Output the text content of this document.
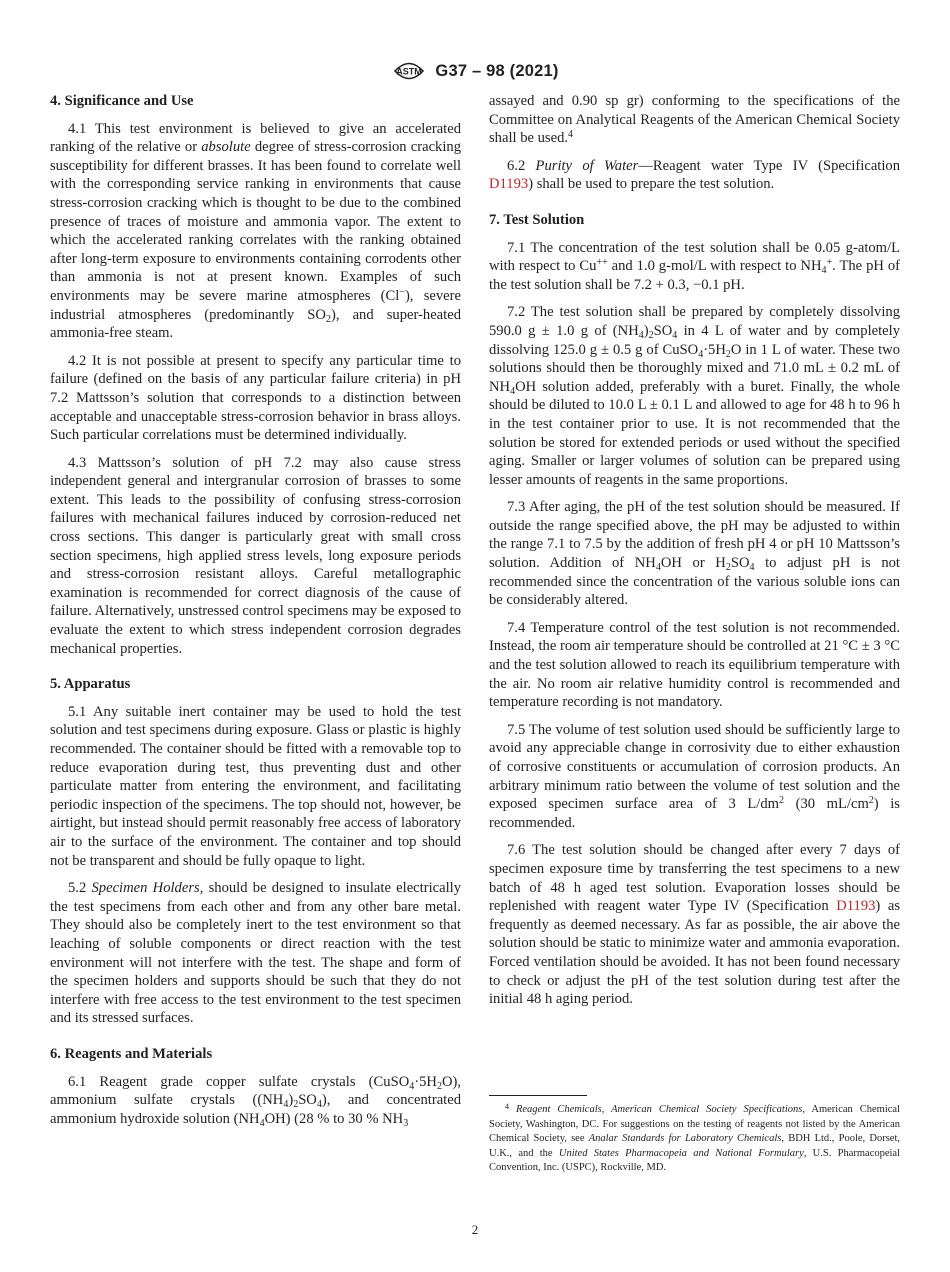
ASTM G37 – 98 (2021)
4. Significance and Use

4.1 This test environment is believed to give an accelerated ranking of the relative or absolute degree of stress-corrosion cracking susceptibility for different brasses. It has been found to correlate well with the corresponding service ranking in environments that cause stress-corrosion cracking which is thought to be due to the combined presence of traces of moisture and ammonia vapor. The extent to which the accelerated ranking correlates with the ranking obtained after long-term exposure to environments containing corrodents other than ammonia is not at present known. Examples of such environments may be severe marine atmospheres (Cl−), severe industrial atmospheres (predominantly $SO_2$), and super-heated ammonia-free steam.

4.2 It is not possible at present to specify any particular time to failure (defined on the basis of any particular failure criteria) in pH 7.2 Mattsson’s solution that corresponds to a distinction between acceptable and unacceptable stress-corrosion behavior in brass alloys. Such particular correlations must be determined individually.

4.3 Mattsson’s solution of pH 7.2 may also cause stress independent general and intergranular corrosion of brasses to some extent. This leads to the possibility of confusing stress-corrosion failures with mechanical failures induced by corrosion-reduced net cross sections. This danger is particularly great with small cross section specimens, high applied stress levels, long exposure periods and stress-corrosion resistant alloys. Careful metallographic examination is recommended for correct diagnosis of the cause of failure. Alternatively, unstressed control specimens may be exposed to evaluate the extent to which stress independent corrosion degrades mechanical properties.

5. Apparatus

5.1 Any suitable inert container may be used to hold the test solution and test specimens during exposure. Glass or plastic is highly recommended. The container should be fitted with a removable top to reduce evaporation during test, thus preventing dust and other particulate matter from entering the environment, and facilitating periodic inspection of the specimens. The top should not, however, be airtight, but instead should permit reasonably free access of laboratory air to the surface of the environment. The container and top should not be transparent and should be fully opaque to light.

5.2 Specimen Holders, should be designed to insulate electrically the test specimens from each other and from any other bare metal. They should also be completely inert to the test environment so that leaching of soluble components or direct reaction with the test environment will not interfere with the test. The shape and form of the specimen holders and supports should be such that they do not interfere with free access to the test environment to the test specimen and its stressed surfaces.

6. Reagents and Materials

6.1 Reagent grade copper sulfate crystals $(CuSO_4\cdot 5H_2O)$, ammonium sulfate crystals $((NH_4)_2SO_4)$, and concentrated ammonium hydroxide solution $(NH_4OH)$ (28 % to 30 % $NH_3$

assayed and 0.90 sp gr) conforming to the specifications of the Committee on Analytical Reagents of the American Chemical Society shall be used.$^4$

6.2 Purity of Water—Reagent water Type IV (Specification D1193) shall be used to prepare the test solution.

7. Test Solution

7.1 The concentration of the test solution shall be 0.05 g-atom/L with respect to Cu++ and 1.0 g-mol/L with respect to $NH_4^+$. The pH of the test solution shall be 7.2 + 0.3, −0.1 pH.

7.2 The test solution shall be prepared by completely dissolving 590.0 g ± 1.0 g of $(NH_4)_2SO_4$ in 4 L of water and by completely dissolving 125.0 g ± 0.5 g of $CuSO_4\cdot 5H_2O$ in 1 L of water. These two solutions should then be thoroughly mixed and 71.0 mL ± 0.2 mL of $NH_4OH$ solution added, preferably with a buret. Finally, the whole should be diluted to 10.0 L ± 0.1 L and allowed to age for 48 h to 96 h in the test container prior to use. It is not recommended that the solution be stored for extended periods or used without the specified aging. Smaller or larger volumes of solution can be prepared using lesser amounts of reagents in the same proportions.

7.3 After aging, the pH of the test solution should be measured. If outside the range specified above, the pH may be adjusted to within the range 7.1 to 7.5 by the addition of fresh pH 4 or pH 10 Mattsson’s solution. Addition of $NH_4OH$ or $H_2SO_4$ to adjust pH is not recommended since the concentration of the various soluble ions can be considerably altered.

7.4 Temperature control of the test solution is not recommended. Instead, the room air temperature should be controlled at 21 °C ± 3 °C and the test solution allowed to reach its equilibrium temperature with the air. No room air relative humidity control is recommended and temperature recording is not mandatory.

7.5 The volume of test solution used should be sufficiently large to avoid any appreciable change in corrosivity due to either exhaustion of corrosive constituents or accumulation of corrosion products. An arbitrary minimum ratio between the volume of test solution and the exposed specimen surface area of 3 $L/dm^2$ (30 $mL/cm^2$) is recommended.

7.6 The test solution should be changed after every 7 days of specimen exposure time by transferring the test specimens to a new batch of 48 h aged test solution. Evaporation losses should be replenished with reagent water Type IV (Specification D1193) as frequently as deemed necessary. As far as possible, the air above the solution should be static to minimize water and ammonia evaporation. Forced ventilation should be avoided. It has not been found necessary to check or adjust the pH of the test solution during test after the initial 48 h aging period.

$^4$ Reagent Chemicals, American Chemical Society Specifications, American Chemical Society, Washington, DC. For suggestions on the testing of reagents not listed by the American Chemical Society, see Analar Standards for Laboratory Chemicals, BDH Ltd., Poole, Dorset, U.K., and the United States Pharmacopeia and National Formulary, U.S. Pharmacopeial Convention, Inc. (USPC), Rockville, MD.

2
